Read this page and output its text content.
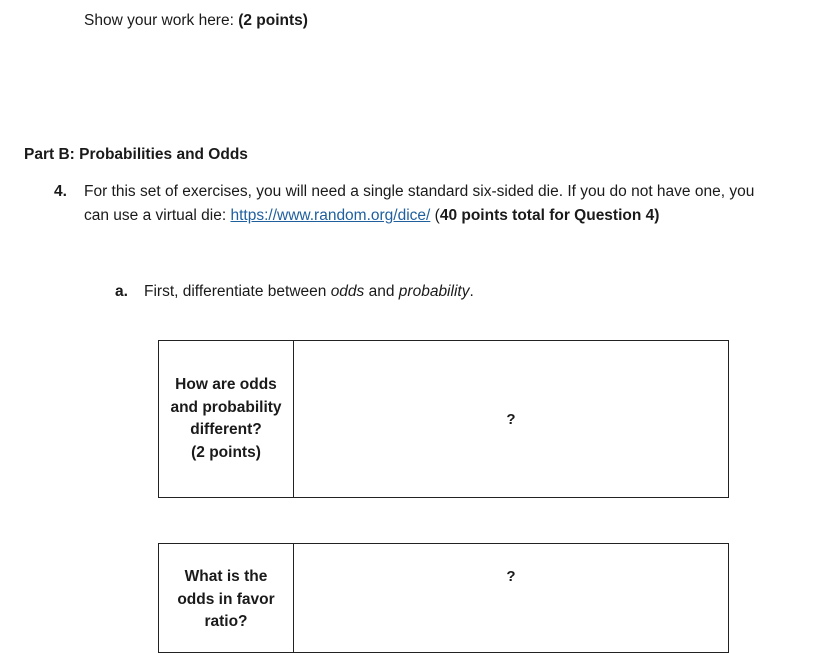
Show your work here: (2 points)
Part B: Probabilities and Odds
4. For this set of exercises, you will need a single standard six-sided die. If you do not have one, you
can use a virtual die: https://www.random.org/dice/ (40 points total for Question 4)
a. First, differentiate between odds and probability.
How are odds
and probability
different?
(2 points)
	?
What is the
odds in favor
ratio?
	?
